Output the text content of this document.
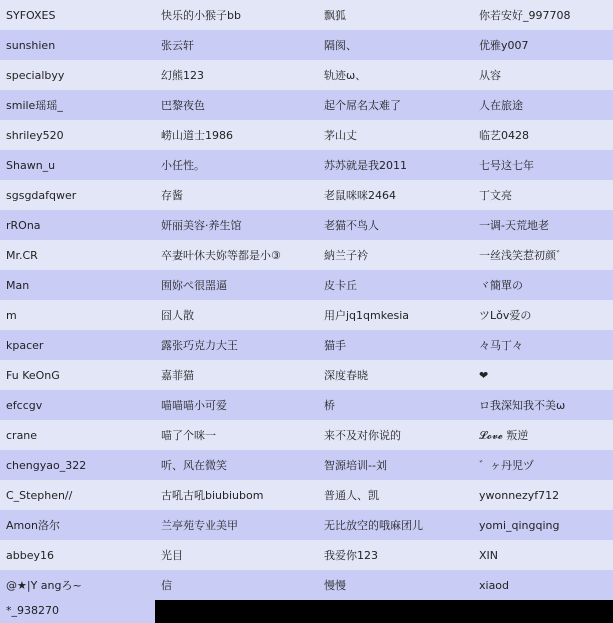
SYFOXES	快乐的小猴子bb	飘狐	你若安好_997708
sunshien	张云轩	隔阂、	优雅y007
specialbyy	幻熊123	轨迹ω、	从容
smile瑶瑶_	巴黎夜色	起个屌名太难了	人在旅途
shriley520	崂山道士1986	茅山丈	临艺0428
Shawn_u	小任性。	苏苏就是我2011	七号这七年
sgsgdafqwer	存酱	老鼠咪咪2464	丁文亮
rROna	妍丽美容·养生馆	老猫不鸟人	一调-天荒地老
Mr.CR	卒妻叶休夫妳等都是小③	納兰子衿	一丝浅笑惹初颜゛
Man	囿妳ぺ很噐逼	皮卡丘	ヾ簡單の
m	囧人散	用户jq1qmkesia	ツLǒv爱の
kpacer	露张巧克力大王	猫手	々马丁々
Fu KeOnG	嘉菲猫	深度春晓	❤
efccgv	喵喵喵小可爱	桥	ロ我深知我不美ω
crane	喵了个咪一	来不及对你说的	𝓛𝓸𝓿𝓮 叛逆
chengyao_322	听、风在微笑	智源培训--刘	゛ヶ丹児ヅ
C_Stephen//	古吼古吼biubiubom	普通人、凯	ywonnezyf712
Amon洛尔	兰亭苑专业美甲	无比放空的哦麻团儿	yomi_qingqing
abbey16	光目	我爱你123	XIN
@★|Y angろ~	信	慢慢	xiaod
*_938270
